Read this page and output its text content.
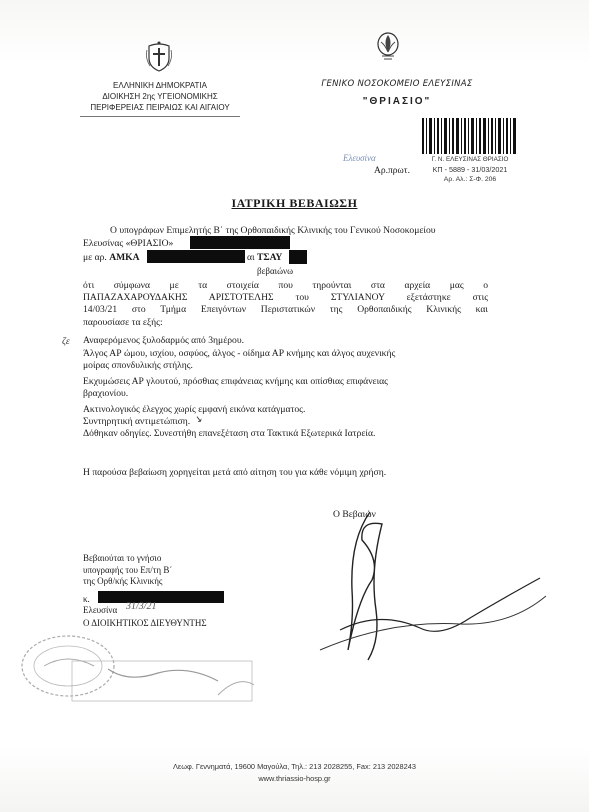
ΕΛΛΗΝΙΚΗ ΔΗΜΟΚΡΑΤΙΑ
ΔΙΟΙΚΗΣΗ 2ης ΥΓΕΙΟΝΟΜΙΚΗΣ
ΠΕΡΙΦΕΡΕΙΑΣ ΠΕΙΡΑΙΩΣ ΚΑΙ ΑΙΓΑΙΟΥ
ΓΕΝΙΚΟ ΝΟΣΟΚΟΜΕΙΟ ΕΛΕΥΣΙΝΑΣ
"ΘΡΙΑΣΙΟ"
Ελευσίνα
Αρ.πρωτ.
Γ. Ν. ΕΛΕΥΣΙΝΑΣ ΘΡΙΑΣΙΟ
ΚΠ - 5889 - 31/03/2021
Αρ. Αλ.: Σ-Φ. 206
ΙΑΤΡΙΚΗ ΒΕΒΑΙΩΣΗ
Ο υπογράφων Επιμελητής Β΄ της Ορθοπαιδικής Κλινικής του Γενικού Νοσοκομείου
Ελευσίνας «ΘΡΙΑΣΙΟ»
με αρ. ΑΜΚΑ	αι ΤΣΑΥ
βεβαιώνω
ότι σύμφωνα με τα στοιχεία που τηρούνται στα αρχεία μας ο
ΠΑΠΑΖΑΧΑΡΟΥΔΑΚΗΣ ΑΡΙΣΤΟΤΕΛΗΣ του ΣΤΥΛΙΑΝΟΥ εξετάστηκε στις
14/03/21 στο Τμήμα Επειγόντων Περιστατικών της Ορθοπαιδικής Κλινικής και
παρουσίασε τα εξής:
ζε Αναφερόμενος ξυλοδαρμός από 3ημέρου.
Άλγος ΑΡ ώμου, ισχίου, οσφύος, άλγος - οίδημα ΑΡ κνήμης και άλγος αυχενικής
μοίρας σπονδυλικής στήλης.
Εκχυμώσεις ΑΡ γλουτού, πρόσθιας επιφάνειας κνήμης και οπίσθιας επιφάνειας
βραχιονίου.
Ακτινολογικός έλεγχος χωρίς εμφανή εικόνα κατάγματος.
Συντηρητική αντιμετώπιση. ↘
Δόθηκαν οδηγίες. Συνεστήθη επανεξέταση στα Τακτικά Εξωτερικά Ιατρεία.
Η παρούσα βεβαίωση χορηγείται μετά από αίτηση του για κάθε νόμιμη χρήση.
Ο Βεβαιών
Βεβαιούται το γνήσιο
υπογραφής του Επ/τη Β΄
της Ορθ/κής Κλινικής
κ.
Ελευσίνα 31/3/21
Ο ΔΙΟΙΚΗΤΙΚΟΣ ΔΙΕΥΘΥΝΤΗΣ
Λεωφ. Γεννηματά, 19600 Μαγούλα, Τηλ.: 213 2028255, Fax: 213 2028243
www.thriassio-hosp.gr
